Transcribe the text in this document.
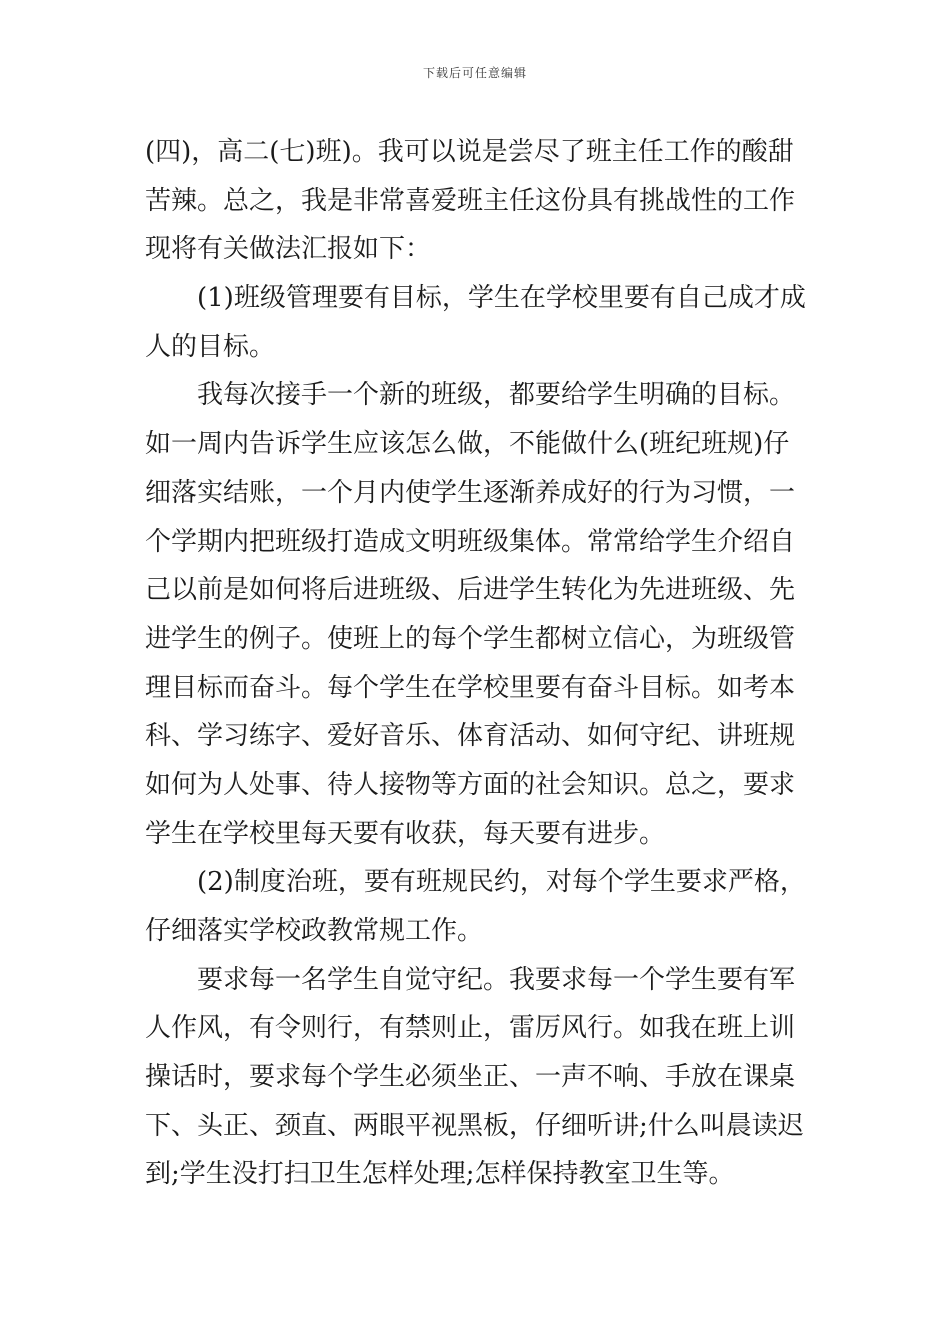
下载后可任意编辑
(四)，高二(七)班)。我可以说是尝尽了班主任工作的酸甜
苦辣。总之，我是非常喜爱班主任这份具有挑战性的工作
现将有关做法汇报如下：
(1)班级管理要有目标，学生在学校里要有自己成才成
人的目标。
我每次接手一个新的班级，都要给学生明确的目标。
如一周内告诉学生应该怎么做，不能做什么(班纪班规)仔
细落实结账，一个月内使学生逐渐养成好的行为习惯，一
个学期内把班级打造成文明班级集体。常常给学生介绍自
己以前是如何将后进班级、后进学生转化为先进班级、先
进学生的例子。使班上的每个学生都树立信心，为班级管
理目标而奋斗。每个学生在学校里要有奋斗目标。如考本
科、学习练字、爱好音乐、体育活动、如何守纪、讲班规
如何为人处事、待人接物等方面的社会知识。总之，要求
学生在学校里每天要有收获，每天要有进步。
(2)制度治班，要有班规民约，对每个学生要求严格，
仔细落实学校政教常规工作。
要求每一名学生自觉守纪。我要求每一个学生要有军
人作风，有令则行，有禁则止，雷厉风行。如我在班上训
操话时，要求每个学生必须坐正、一声不响、手放在课桌
下、头正、颈直、两眼平视黑板，仔细听讲;什么叫晨读迟
到;学生没打扫卫生怎样处理;怎样保持教室卫生等。
